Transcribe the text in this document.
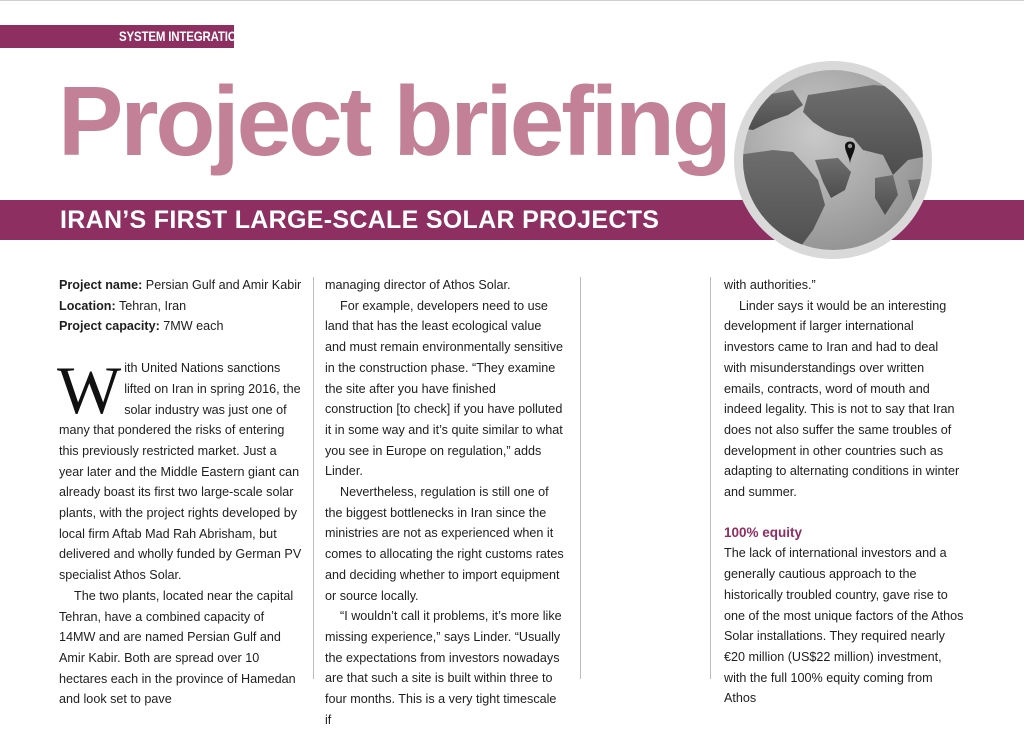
SYSTEM INTEGRATION
Project briefing
IRAN’S FIRST LARGE-SCALE SOLAR PROJECTS

Project name: Persian Gulf and Amir Kabir

Location: Tehran, Iran

Project capacity: 7MW each

With United Nations sanctions lifted on Iran in spring 2016, the solar industry was just one of many that pondered the risks of entering this previously restricted market. Just a year later and the Middle Eastern giant can already boast its first two large-scale solar plants, with the project rights developed by local firm Aftab Mad Rah Abrisham, but delivered and wholly funded by German PV specialist Athos Solar.

The two plants, located near the capital Tehran, have a combined capacity of 14MW and are named Persian Gulf and Amir Kabir. Both are spread over 10 hectares each in the province of Hamedan and look set to pave

managing director of Athos Solar.

For example, developers need to use land that has the least ecological value and must remain environmentally sensitive in the construction phase. “They examine the site after you have finished construction [to check] if you have polluted it in some way and it’s quite similar to what you see in Europe on regulation,” adds Linder.

Nevertheless, regulation is still one of the biggest bottlenecks in Iran since the ministries are not as experienced when it comes to allocating the right customs rates and deciding whether to import equipment or source locally.

“I wouldn’t call it problems, it’s more like missing experience,” says Linder. “Usually the expectations from investors nowadays are that such a site is built within three to four months. This is a very tight timescale if

with authorities.”

Linder says it would be an interesting development if larger international investors came to Iran and had to deal with misunderstandings over written emails, contracts, word of mouth and indeed legality. This is not to say that Iran does not also suffer the same troubles of development in other countries such as adapting to alternating conditions in winter and summer.

100% equity

The lack of international investors and a generally cautious approach to the historically troubled country, gave rise to one of the most unique factors of the Athos Solar installations. They required nearly €20 million (US$22 million) investment, with the full 100% equity coming from Athos
